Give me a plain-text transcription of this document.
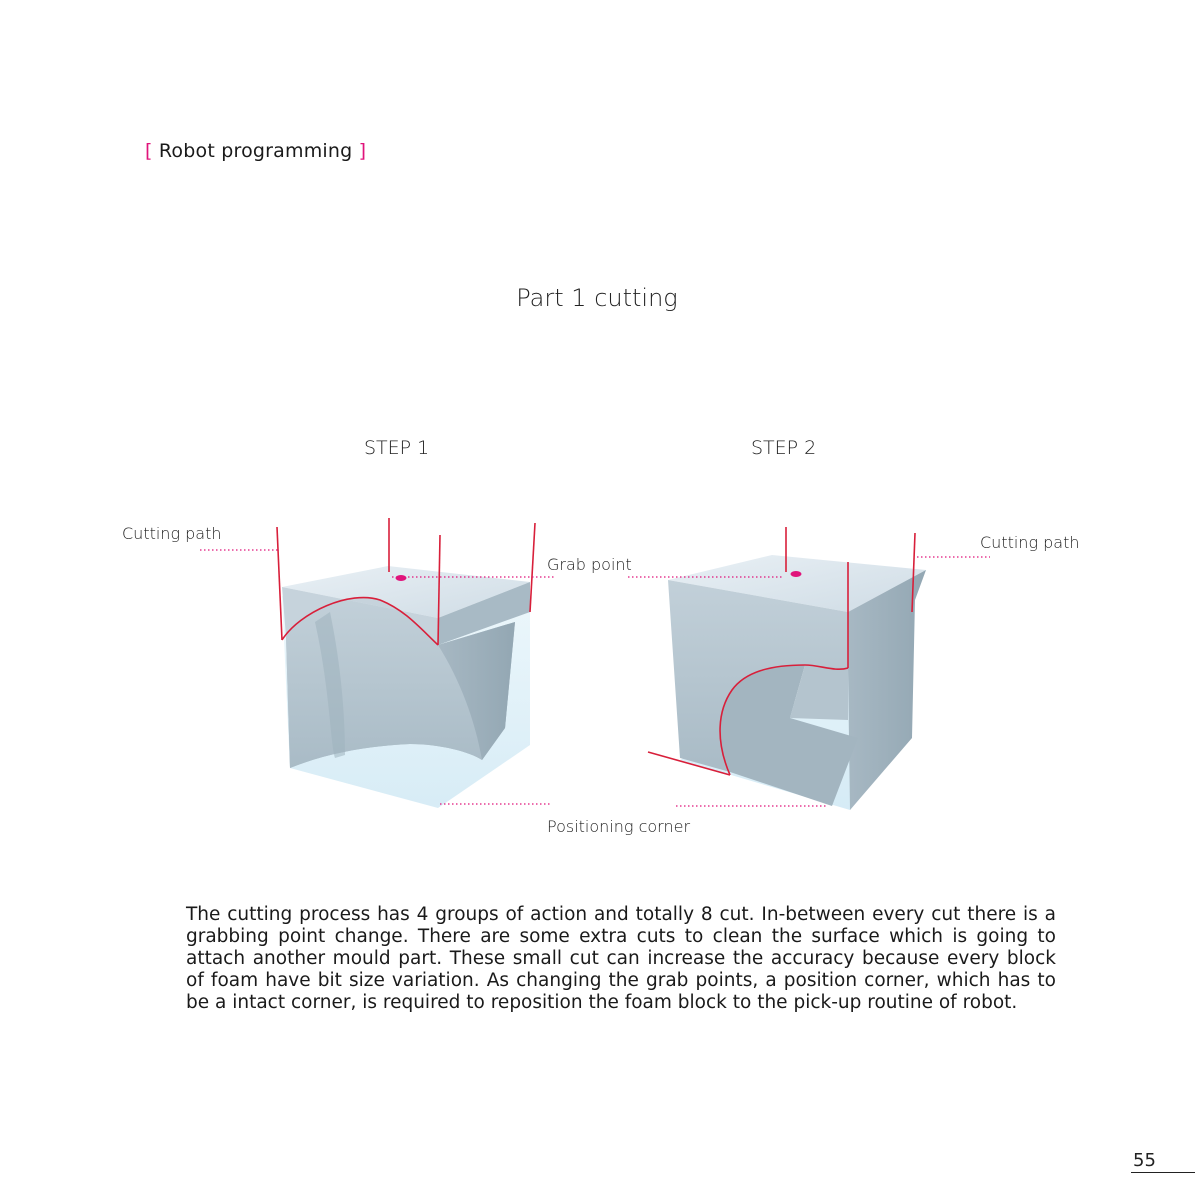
[ Robot programming ]
Part 1 cutting
STEP 1	STEP 2
Cutting path	Cutting path
Grab point
Positioning corner
The cutting process has 4 groups of action and totally 8 cut. In-between every cut there is a grabbing point change. There are some extra cuts to clean the surface which is going to attach another mould part. These small cut can increase the accuracy because every block of foam have bit size variation. As changing the grab points, a position corner, which has to be a intact corner, is required to reposition the foam block to the pick-up routine of robot.
55
